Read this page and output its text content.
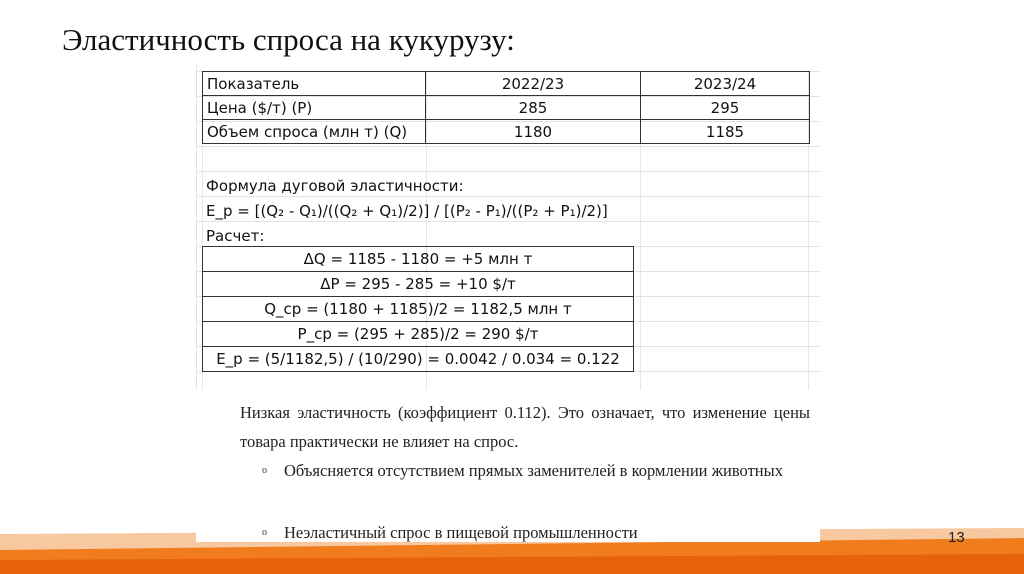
Эластичность спроса на кукурузу:
Показатель	2022/23	2023/24
Цена ($/т) (P)	285	295
Объем спроса (млн т) (Q)	1180	1185
Формула дуговой эластичности:
E_p = [(Q₂ - Q₁)/((Q₂ + Q₁)/2)] / [(P₂ - P₁)/((P₂ + P₁)/2)]
Расчет:
ΔQ = 1185 - 1180 = +5 млн т
ΔP = 295 - 285 = +10 $/т
Q_cp = (1180 + 1185)/2 = 1182,5 млн т
P_cp = (295 + 285)/2 = 290 $/т
E_p = (5/1182,5) / (10/290) = 0.0042 / 0.034 = 0.122
Низкая эластичность (коэффициент 0.112). Это означает, что изменение цены товара практически не влияет на спрос.
o Объясняется отсутствием прямых заменителей в кормлении животных
o Неэластичный спрос в пищевой промышленности	13
